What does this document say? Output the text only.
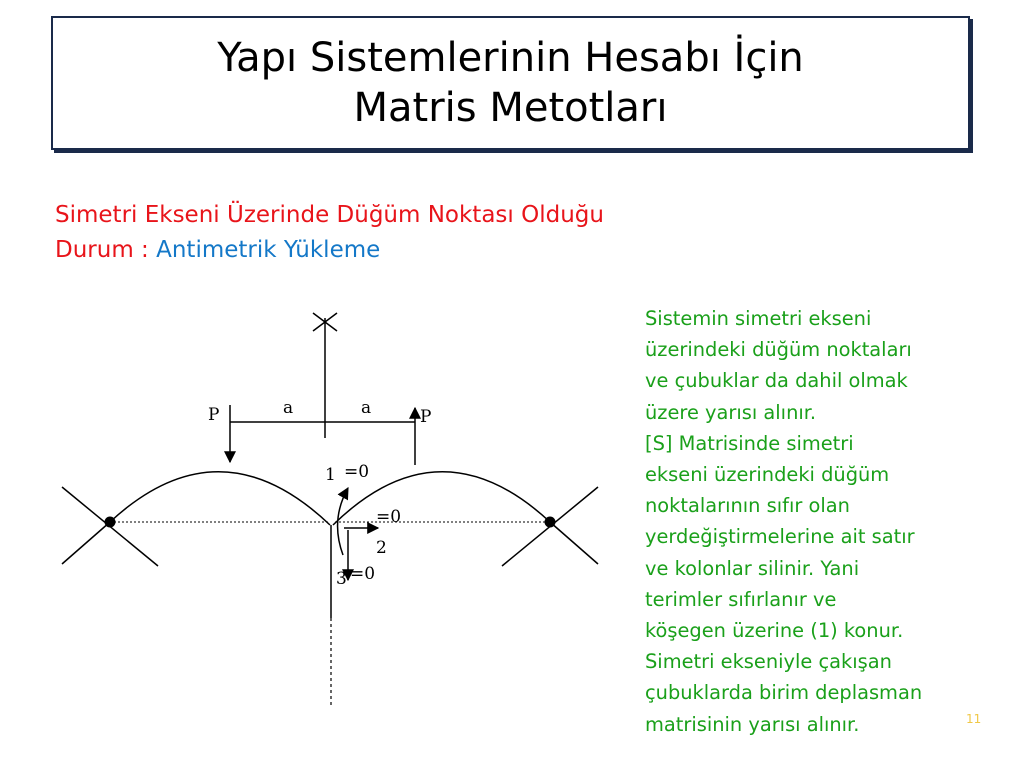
Yapı Sistemlerinin Hesabı İçin
Matris Metotları
Simetri Ekseni Üzerinde Düğüm Noktası Olduğu
Durum : Antimetrik Yükleme
P	P
a	a
1 =0
=0
2
3 =0
Sistemin simetri ekseni
üzerindeki düğüm noktaları
ve çubuklar da dahil olmak
üzere yarısı alınır.
[S] Matrisinde simetri
ekseni üzerindeki düğüm
noktalarının sıfır olan
yerdeğiştirmelerine ait satır
ve kolonlar silinir. Yani
terimler sıfırlanır ve
köşegen üzerine (1) konur.
Simetri ekseniyle çakışan
çubuklarda birim deplasman
matrisinin yarısı alınır.	11
